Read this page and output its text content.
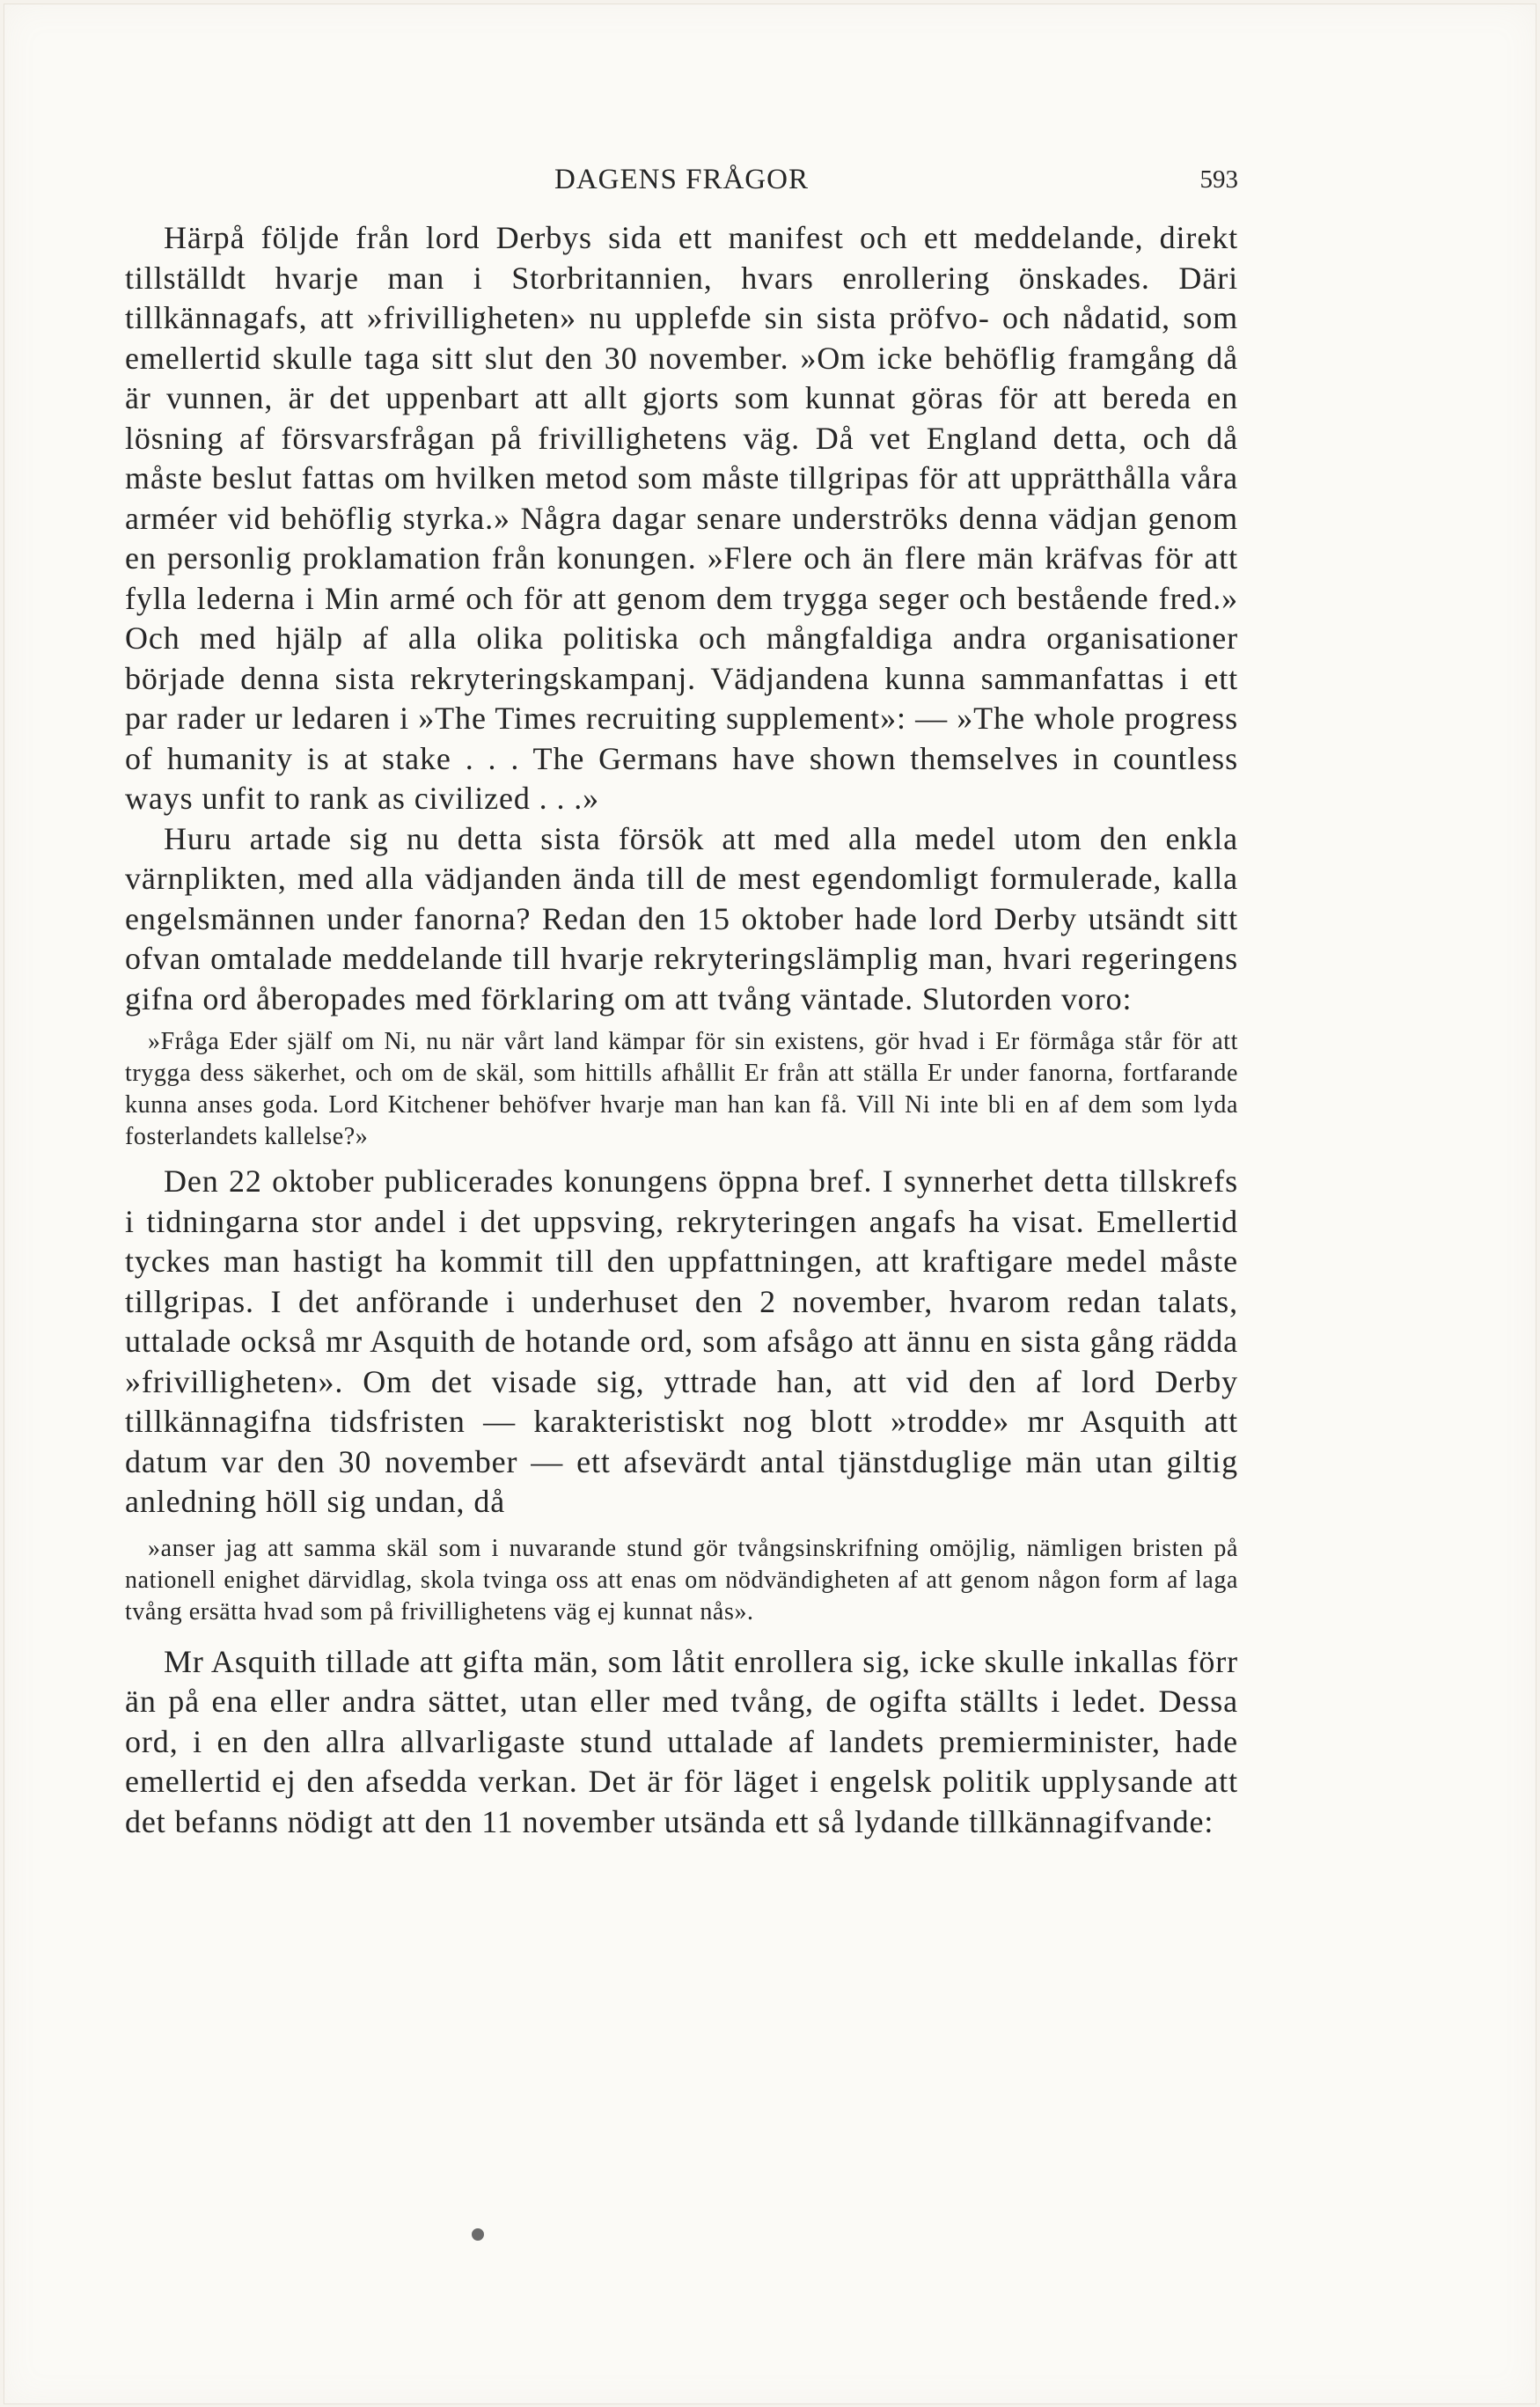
DAGENS FRÅGOR	593

Härpå följde från lord Derbys sida ett manifest och ett meddelande, direkt tillställdt hvarje man i Storbritannien, hvars enrollering önskades. Däri tillkännagafs, att »frivilligheten» nu upplefde sin sista pröfvo- och nådatid, som emellertid skulle taga sitt slut den 30 november. »Om icke behöflig framgång då är vunnen, är det uppenbart att allt gjorts som kunnat göras för att bereda en lösning af försvarsfrågan på frivillighetens väg. Då vet England detta, och då måste beslut fattas om hvilken metod som måste tillgripas för att upprätthålla våra arméer vid behöflig styrka.» Några dagar senare underströks denna vädjan genom en personlig proklamation från konungen. »Flere och än flere män kräfvas för att fylla lederna i Min armé och för att genom dem trygga seger och bestående fred.» Och med hjälp af alla olika politiska och mångfaldiga andra organisationer började denna sista rekryteringskampanj. Vädjandena kunna sammanfattas i ett par rader ur ledaren i »The Times recruiting supplement»: — »The whole progress of humanity is at stake . . . The Germans have shown themselves in countless ways unfit to rank as civilized . . .»

Huru artade sig nu detta sista försök att med alla medel utom den enkla värnplikten, med alla vädjanden ända till de mest egendomligt formulerade, kalla engelsmännen under fanorna? Redan den 15 oktober hade lord Derby utsändt sitt ofvan omtalade meddelande till hvarje rekryteringslämplig man, hvari regeringens gifna ord åberopades med förklaring om att tvång väntade. Slutorden voro:

»Fråga Eder själf om Ni, nu när vårt land kämpar för sin existens, gör hvad i Er förmåga står för att trygga dess säkerhet, och om de skäl, som hittills afhållit Er från att ställa Er under fanorna, fortfarande kunna anses goda. Lord Kitchener behöfver hvarje man han kan få. Vill Ni inte bli en af dem som lyda fosterlandets kallelse?»

Den 22 oktober publicerades konungens öppna bref. I synnerhet detta tillskrefs i tidningarna stor andel i det uppsving, rekryteringen angafs ha visat. Emellertid tyckes man hastigt ha kommit till den uppfattningen, att kraftigare medel måste tillgripas. I det anförande i underhuset den 2 november, hvarom redan talats, uttalade också mr Asquith de hotande ord, som afsågo att ännu en sista gång rädda »frivilligheten». Om det visade sig, yttrade han, att vid den af lord Derby tillkännagifna tidsfristen — karakteristiskt nog blott »trodde» mr Asquith att datum var den 30 november — ett afsevärdt antal tjänstduglige män utan giltig anledning höll sig undan, då

»anser jag att samma skäl som i nuvarande stund gör tvångsinskrifning omöjlig, nämligen bristen på nationell enighet därvidlag, skola tvinga oss att enas om nödvändigheten af att genom någon form af laga tvång ersätta hvad som på frivillighetens väg ej kunnat nås».

Mr Asquith tillade att gifta män, som låtit enrollera sig, icke skulle inkallas förr än på ena eller andra sättet, utan eller med tvång, de ogifta ställts i ledet. Dessa ord, i en den allra allvarligaste stund uttalade af landets premierminister, hade emellertid ej den afsedda verkan. Det är för läget i engelsk politik upplysande att det befanns nödigt att den 11 november utsända ett så lydande tillkännagifvande:
